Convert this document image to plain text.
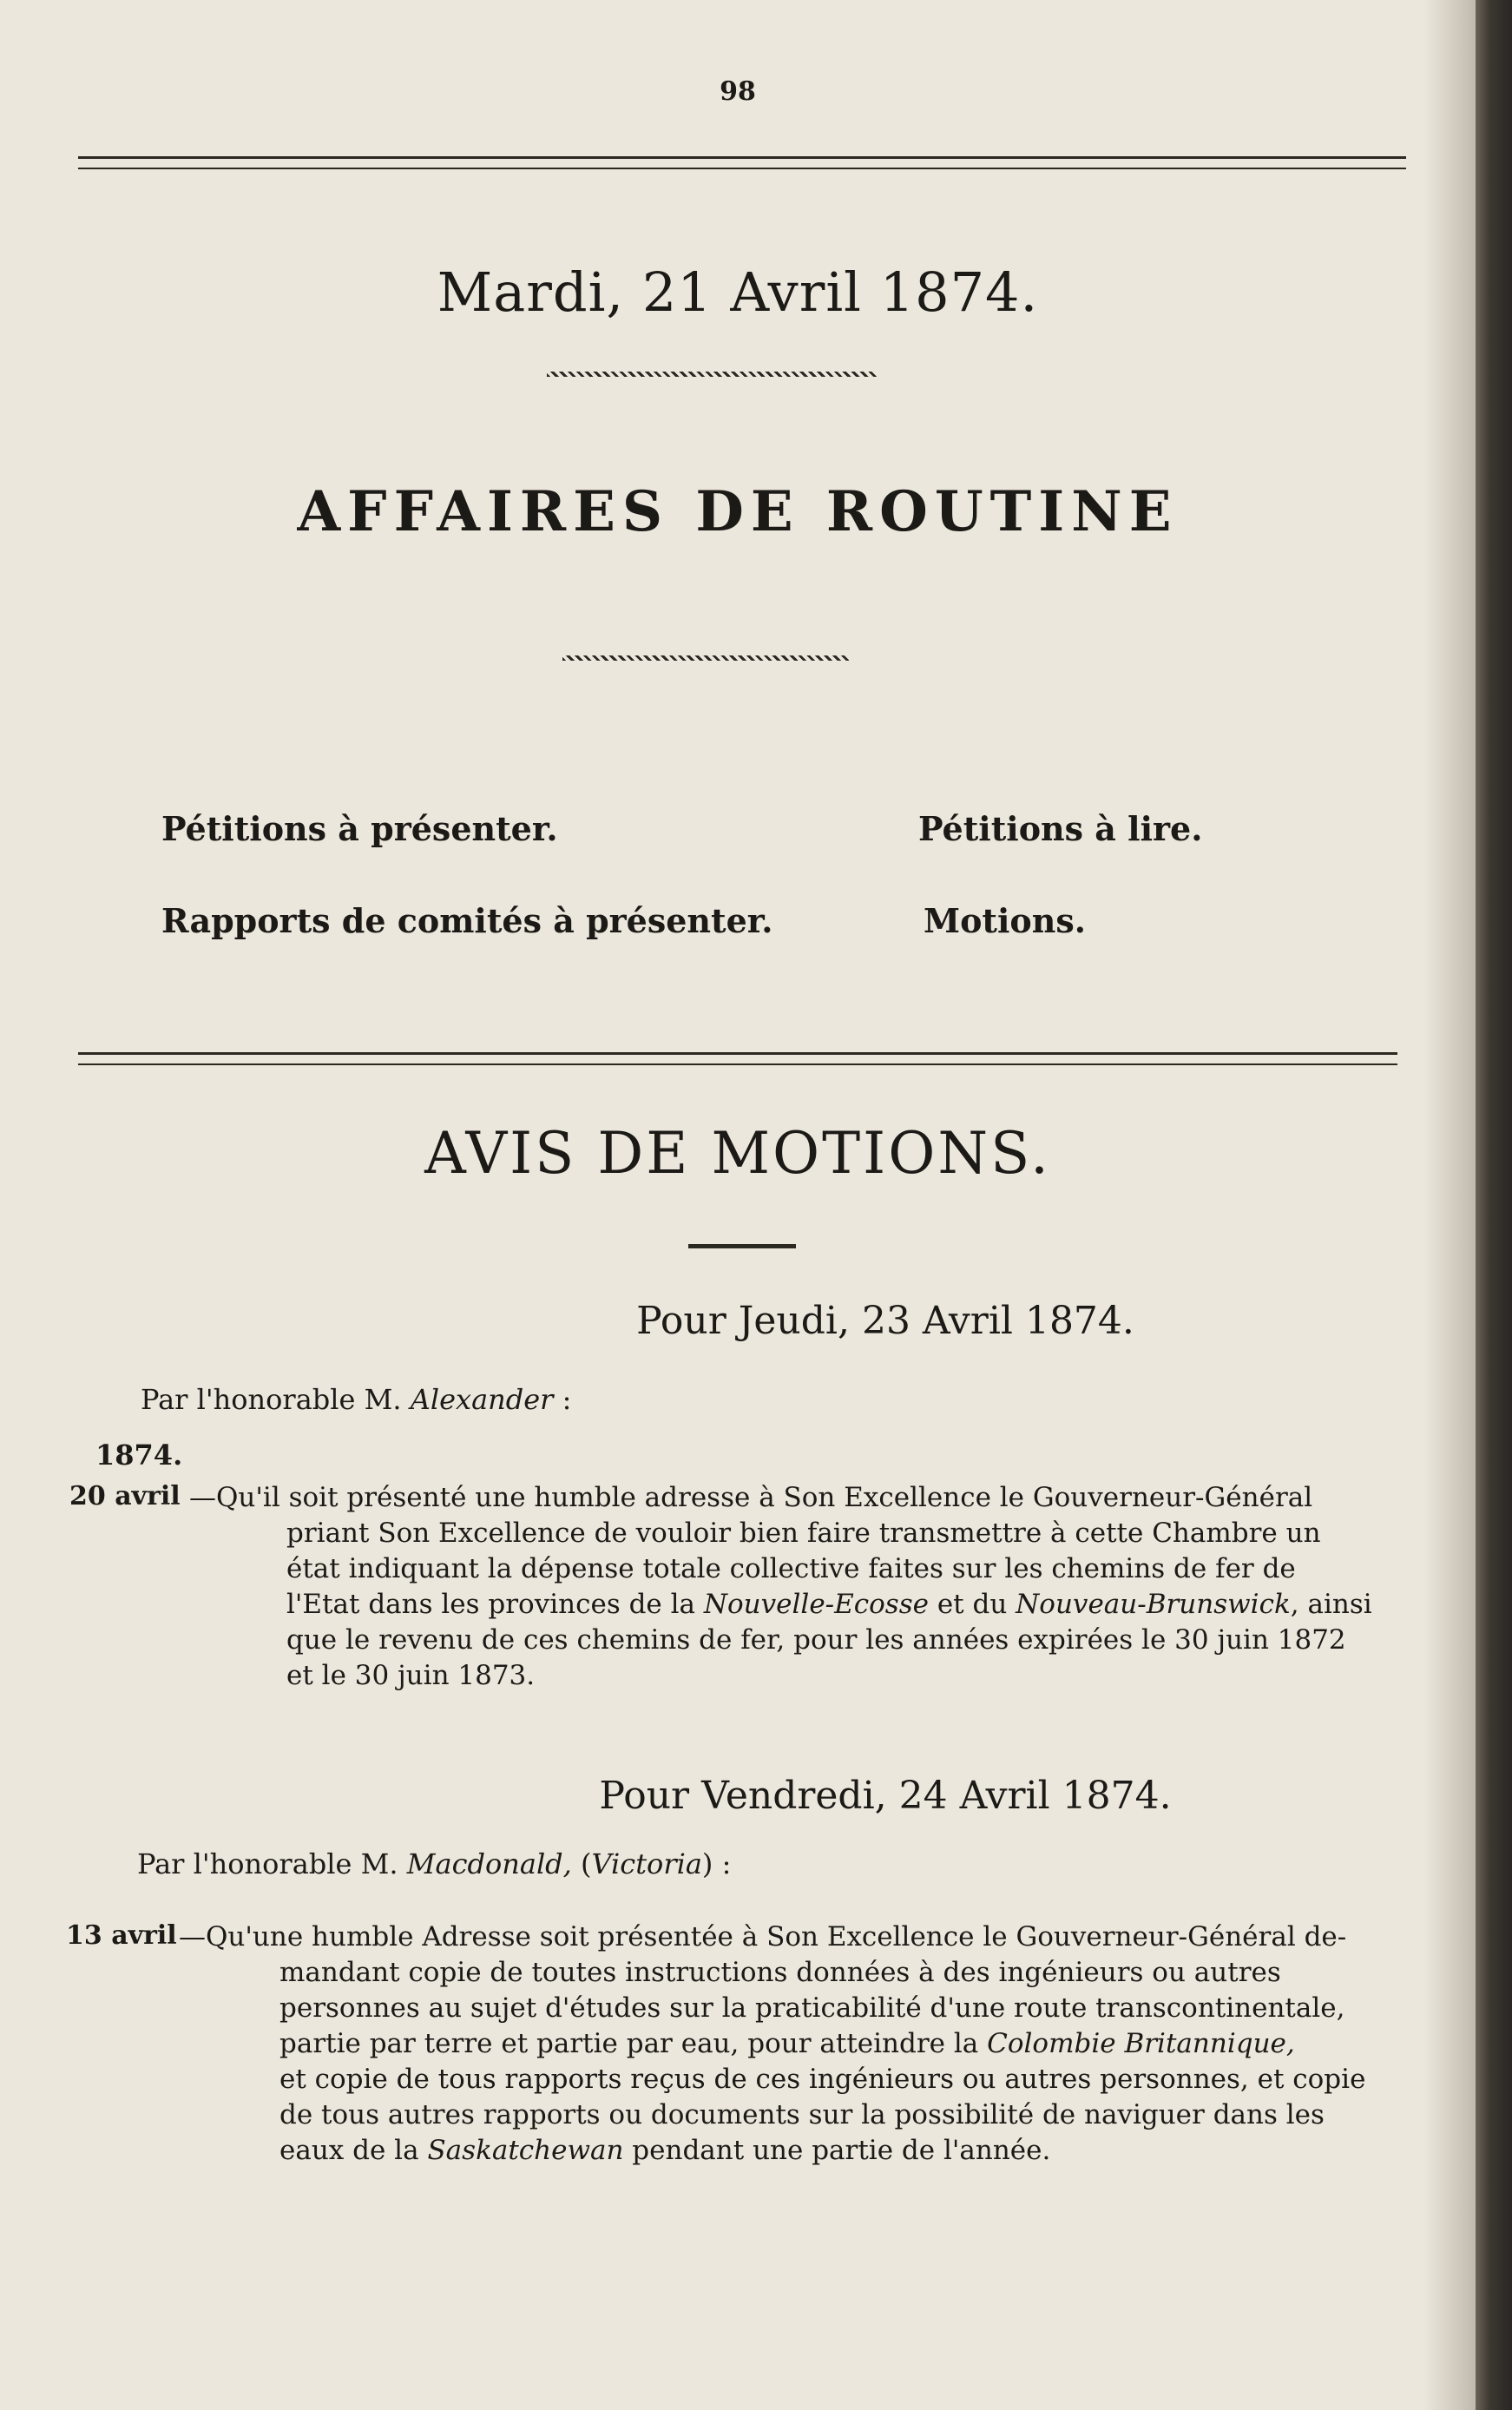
98
Mardi, 21 Avril 1874.
AFFAIRES DE ROUTINE
Pétitions à présenter.	Pétitions à lire.
Rapports de comités à présenter.	Motions.
AVIS DE MOTIONS.
Pour Jeudi, 23 Avril 1874.
Par l'honorable M. Alexander :
1874.
20 avril —Qu'il soit présenté une humble adresse à Son Excellence le Gouverneur-Général
priant Son Excellence de vouloir bien faire transmettre à cette Chambre un
état indiquant la dépense totale collective faites sur les chemins de fer de
l'Etat dans les provinces de la Nouvelle-Ecosse et du Nouveau-Brunswick, ainsi
que le revenu de ces chemins de fer, pour les années expirées le 30 juin 1872
et le 30 juin 1873.
Pour Vendredi, 24 Avril 1874.
Par l'honorable M. Macdonald, (Victoria) :
13 avril —Qu'une humble Adresse soit présentée à Son Excellence le Gouverneur-Général de-
mandant copie de toutes instructions données à des ingénieurs ou autres
personnes au sujet d'études sur la praticabilité d'une route transcontinentale,
partie par terre et partie par eau, pour atteindre la Colombie Britannique,
et copie de tous rapports reçus de ces ingénieurs ou autres personnes, et copie
de tous autres rapports ou documents sur la possibilité de naviguer dans les
eaux de la Saskatchewan pendant une partie de l'année.
